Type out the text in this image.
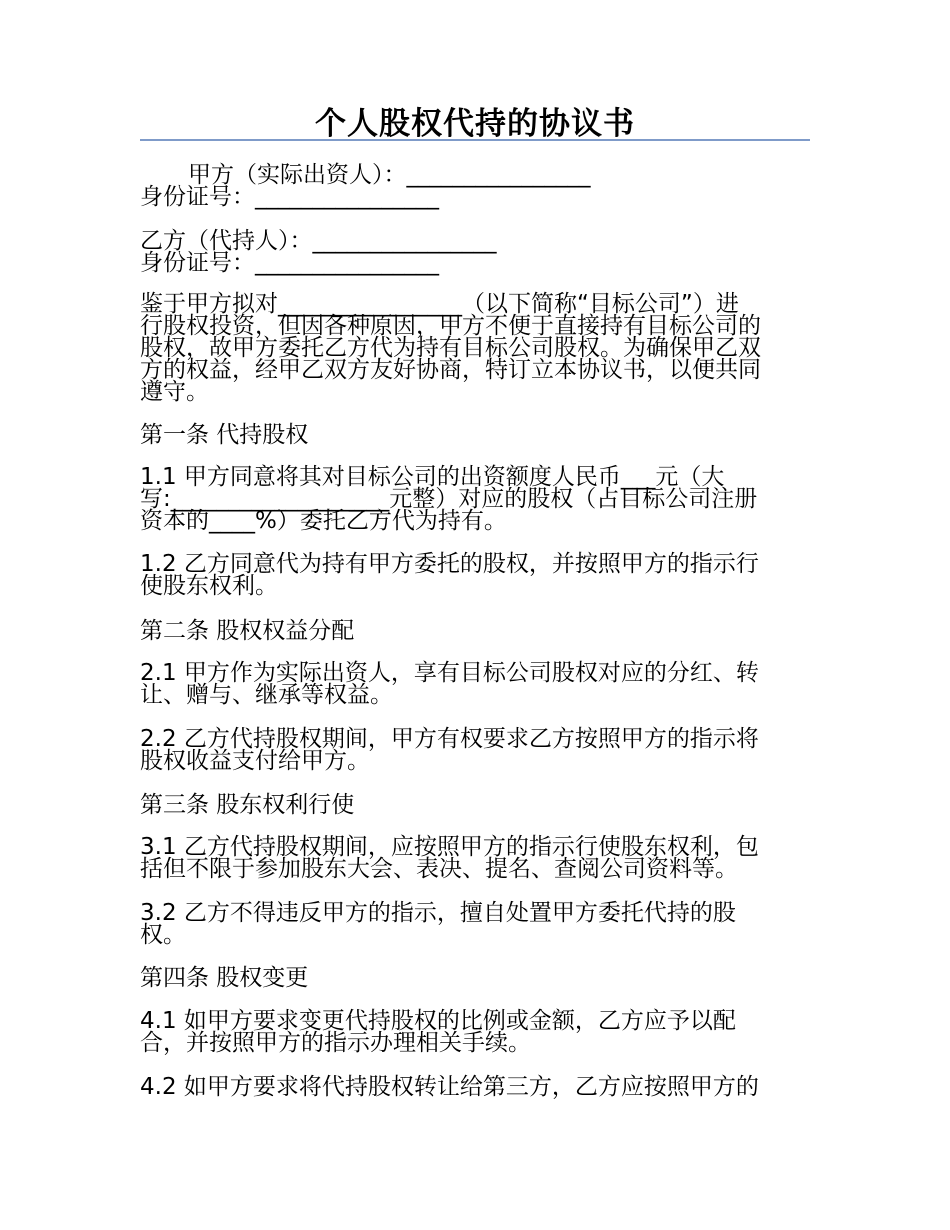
个人股权代持的协议书
甲方（实际出资人）：________________
身份证号：________________
乙方（代持人）：________________
身份证号：________________
鉴于甲方拟对________________（以下简称“目标公司”）进
行股权投资，但因各种原因，甲方不便于直接持有目标公司的
股权，故甲方委托乙方代为持有目标公司股权。为确保甲乙双
方的权益，经甲乙双方友好协商，特订立本协议书，以便共同
遵守。
第一条 代持股权
1.1 甲方同意将其对目标公司的出资额度人民币___元（大
写:___________________元整）对应的股权（占目标公司注册
资本的____%）委托乙方代为持有。
1.2 乙方同意代为持有甲方委托的股权，并按照甲方的指示行
使股东权利。
第二条 股权权益分配
2.1 甲方作为实际出资人，享有目标公司股权对应的分红、转
让、赠与、继承等权益。
2.2 乙方代持股权期间，甲方有权要求乙方按照甲方的指示将
股权收益支付给甲方。
第三条 股东权利行使
3.1 乙方代持股权期间，应按照甲方的指示行使股东权利，包
括但不限于参加股东大会、表决、提名、查阅公司资料等。
3.2 乙方不得违反甲方的指示，擅自处置甲方委托代持的股
权。
第四条 股权变更
4.1 如甲方要求变更代持股权的比例或金额，乙方应予以配
合，并按照甲方的指示办理相关手续。
4.2 如甲方要求将代持股权转让给第三方，乙方应按照甲方的
